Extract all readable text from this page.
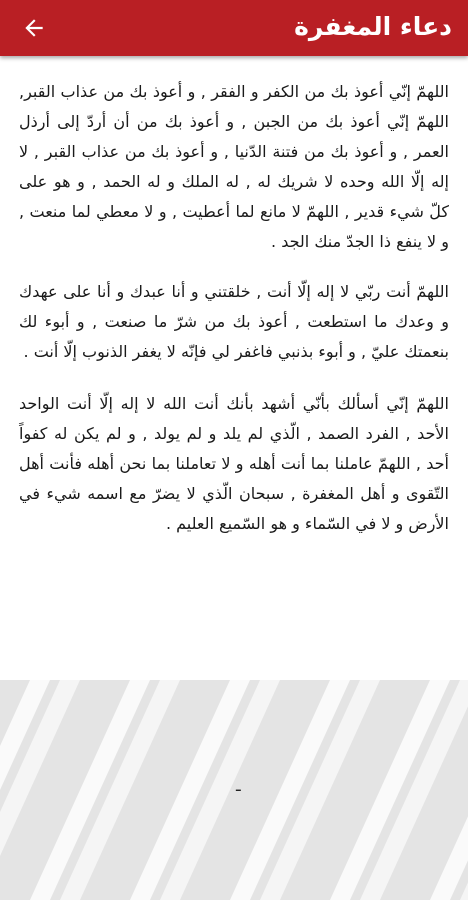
دعاء المغفرة

اللهمّ إنّي أعوذ بك من الكفر و الفقر , و أعوذ بك من عذاب القبر, اللهمّ إنّي أعوذ بك من الجبن , و أعوذ بك من أن أردّ إلى أرذل العمر , و أعوذ بك من فتنة الدّنيا , و أعوذ بك من عذاب القبر , لا إله إلّا الله وحده لا شريك له , له الملك و له الحمد , و هو على كلّ شيء قدير , اللهمّ لا مانع لما أعطيت , و لا معطي لما منعت , و لا ينفع ذا الجدّ منك الجد .

اللهمّ أنت ربّي لا إله إلّا أنت , خلقتني و أنا عبدك و أنا على عهدك و وعدك ما استطعت , أعوذ بك من شرّ ما صنعت , و أبوء لك بنعمتك عليّ , و أبوء بذنبي فاغفر لي فإنّه لا يغفر الذنوب إلّا أنت .

اللهمّ إنّي أسألك بأنّي أشهد بأنك أنت الله لا إله إلّا أنت الواحد الأحد , الفرد الصمد , الّذي لم يلد و لم يولد , و لم يكن له كفواً أحد , اللهمّ عاملنا بما أنت أهله و لا تعاملنا بما نحن أهله فأنت أهل التّقوى و أهل المغفرة , سبحان الّذي لا يضرّ مع اسمه شيء في الأرض و لا في السّماء و هو السّميع العليم .

ـ
